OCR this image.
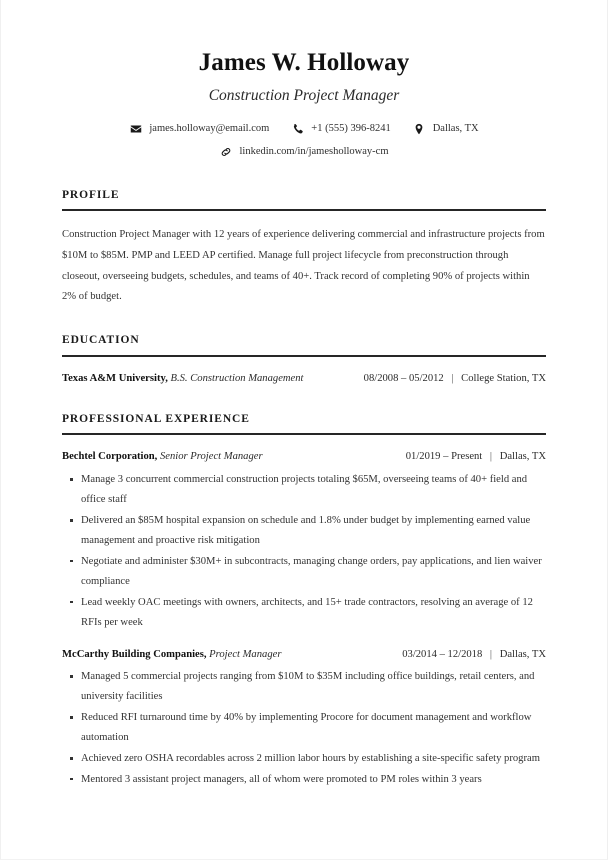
James W. Holloway
Construction Project Manager
james.holloway@email.com	+1 (555) 396-8241	Dallas, TX
linkedin.com/in/jamesholloway-cm
PROFILE
Construction Project Manager with 12 years of experience delivering commercial and infrastructure projects from $10M to $85M. PMP and LEED AP certified. Manage full project lifecycle from preconstruction through closeout, overseeing budgets, schedules, and teams of 40+. Track record of completing 90% of projects within 2% of budget.
EDUCATION
Texas A&M University, B.S. Construction Management	08/2008 – 05/2012 | College Station, TX
PROFESSIONAL EXPERIENCE
Bechtel Corporation, Senior Project Manager	01/2019 – Present | Dallas, TX
Manage 3 concurrent commercial construction projects totaling $65M, overseeing teams of 40+ field and office staff
Delivered an $85M hospital expansion on schedule and 1.8% under budget by implementing earned value management and proactive risk mitigation
Negotiate and administer $30M+ in subcontracts, managing change orders, pay applications, and lien waiver compliance
Lead weekly OAC meetings with owners, architects, and 15+ trade contractors, resolving an average of 12 RFIs per week
McCarthy Building Companies, Project Manager	03/2014 – 12/2018 | Dallas, TX
Managed 5 commercial projects ranging from $10M to $35M including office buildings, retail centers, and university facilities
Reduced RFI turnaround time by 40% by implementing Procore for document management and workflow automation
Achieved zero OSHA recordables across 2 million labor hours by establishing a site-specific safety program
Mentored 3 assistant project managers, all of whom were promoted to PM roles within 3 years
